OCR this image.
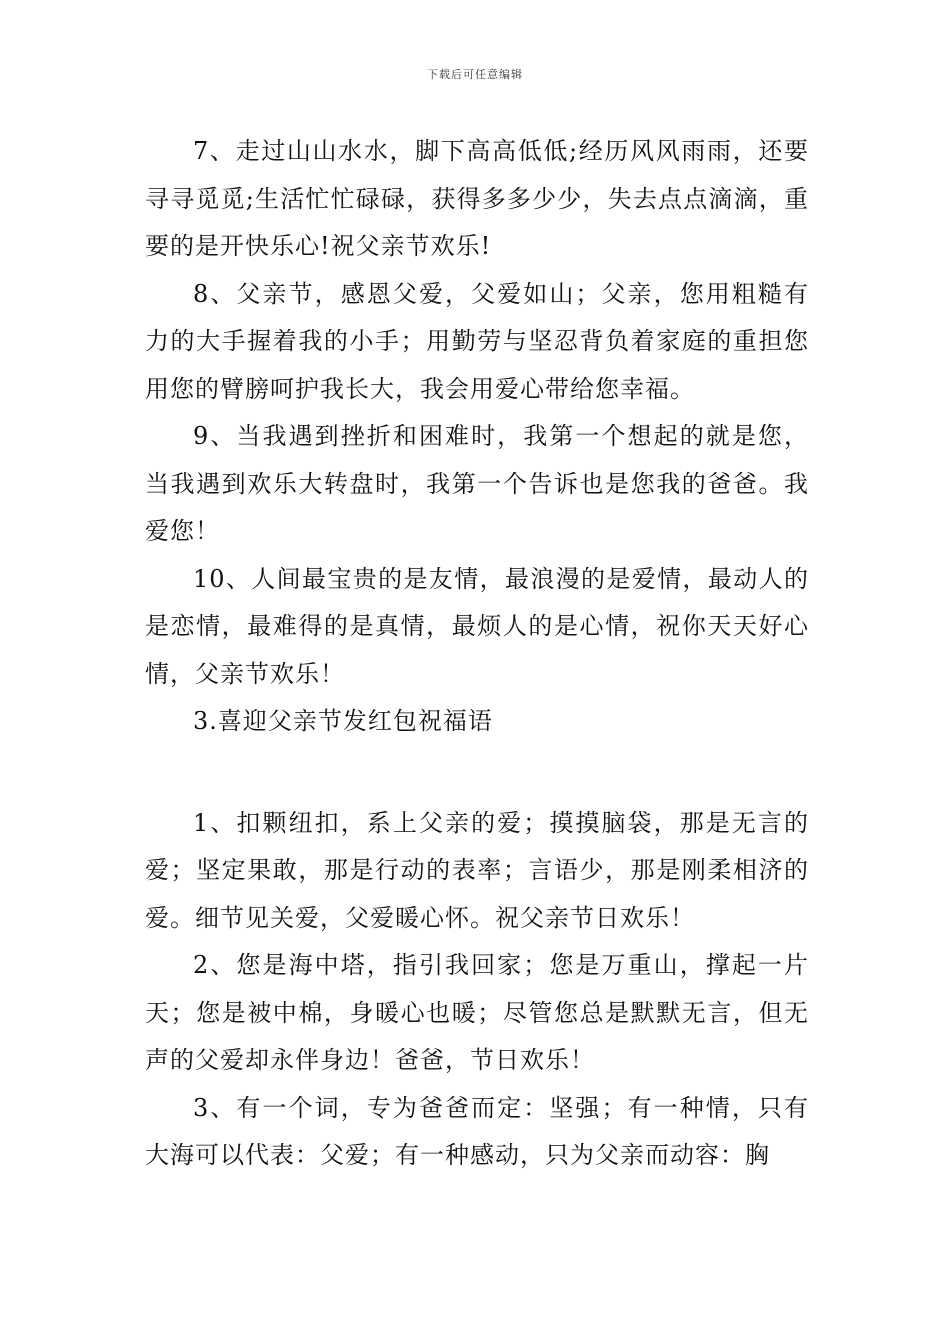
下载后可任意编辑

7、走过山山水水，脚下高高低低;经历风风雨雨，还要寻寻觅觅;生活忙忙碌碌，获得多多少少，失去点点滴滴，重要的是开快乐心!祝父亲节欢乐!

8、父亲节，感恩父爱，父爱如山；父亲，您用粗糙有力的大手握着我的小手；用勤劳与坚忍背负着家庭的重担您用您的臂膀呵护我长大，我会用爱心带给您幸福。

9、当我遇到挫折和困难时，我第一个想起的就是您，当我遇到欢乐大转盘时，我第一个告诉也是您我的爸爸。我爱您！

10、人间最宝贵的是友情，最浪漫的是爱情，最动人的是恋情，最难得的是真情，最烦人的是心情，祝你天天好心情，父亲节欢乐！

3.喜迎父亲节发红包祝福语

1、扣颗纽扣，系上父亲的爱；摸摸脑袋，那是无言的爱；坚定果敢，那是行动的表率；言语少，那是刚柔相济的爱。细节见关爱，父爱暖心怀。祝父亲节日欢乐！

2、您是海中塔，指引我回家；您是万重山，撑起一片天；您是被中棉，身暖心也暖；尽管您总是默默无言，但无声的父爱却永伴身边！爸爸，节日欢乐！

3、有一个词，专为爸爸而定：坚强；有一种情，只有大海可以代表：父爱；有一种感动，只为父亲而动容：胸
